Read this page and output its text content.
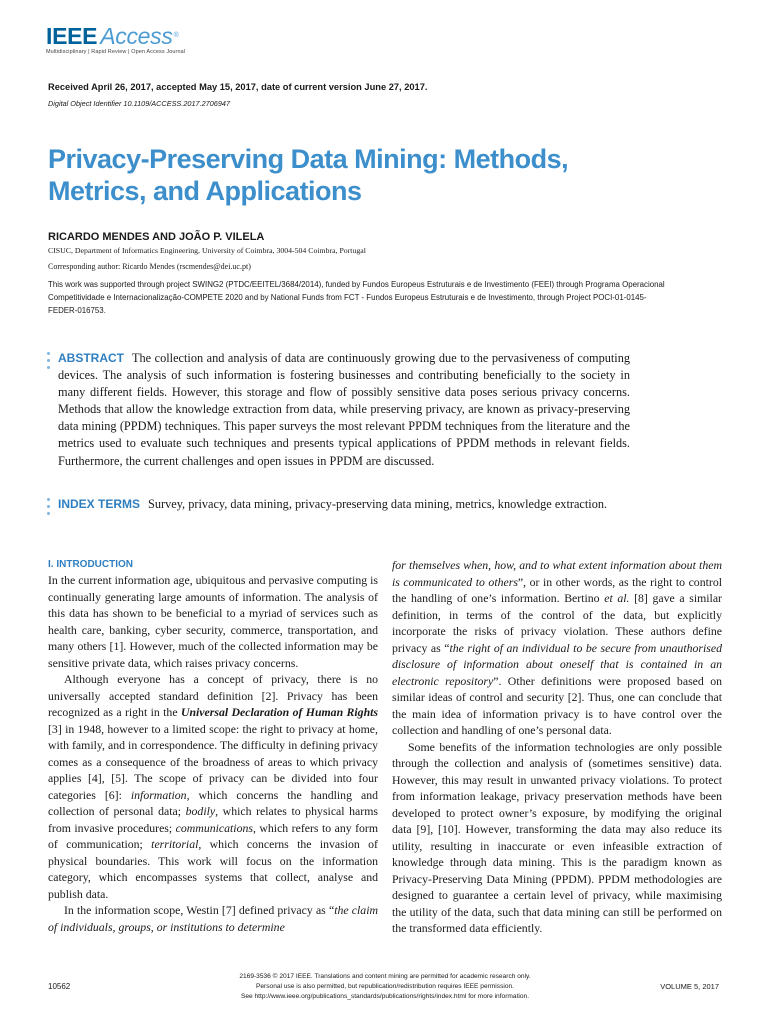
IEEE Access®
Multidisciplinary | Rapid Review | Open Access Journal
Received April 26, 2017, accepted May 15, 2017, date of current version June 27, 2017.
Digital Object Identifier 10.1109/ACCESS.2017.2706947
Privacy-Preserving Data Mining: Methods,
Metrics, and Applications
RICARDO MENDES AND JOÃO P. VILELA
CISUC, Department of Informatics Engineering, University of Coimbra, 3004-504 Coimbra, Portugal
Corresponding author: Ricardo Mendes (rscmendes@dei.uc.pt)
This work was supported through project SWING2 (PTDC/EEITEL/3684/2014), funded by Fundos Europeus Estruturais e de Investimento (FEEI) through Programa Operacional Competitividade e Internacionalização-COMPETE 2020 and by National Funds from FCT - Fundos Europeus Estruturais e de Investimento, through Project POCI-01-0145-FEDER-016753.
ABSTRACT The collection and analysis of data are continuously growing due to the pervasiveness of computing devices. The analysis of such information is fostering businesses and contributing beneficially to the society in many different fields. However, this storage and flow of possibly sensitive data poses serious privacy concerns. Methods that allow the knowledge extraction from data, while preserving privacy, are known as privacy-preserving data mining (PPDM) techniques. This paper surveys the most relevant PPDM techniques from the literature and the metrics used to evaluate such techniques and presents typical applications of PPDM methods in relevant fields. Furthermore, the current challenges and open issues in PPDM are discussed.
INDEX TERMS Survey, privacy, data mining, privacy-preserving data mining, metrics, knowledge extraction.
I. INTRODUCTION

In the current information age, ubiquitous and pervasive computing is continually generating large amounts of information. The analysis of this data has shown to be beneficial to a myriad of services such as health care, banking, cyber security, commerce, transportation, and many others [1]. However, much of the collected information may be sensitive private data, which raises privacy concerns.

Although everyone has a concept of privacy, there is no universally accepted standard definition [2]. Privacy has been recognized as a right in the Universal Declaration of Human Rights [3] in 1948, however to a limited scope: the right to privacy at home, with family, and in correspondence. The difficulty in defining privacy comes as a consequence of the broadness of areas to which privacy applies [4], [5]. The scope of privacy can be divided into four categories [6]: information, which concerns the handling and collection of personal data; bodily, which relates to physical harms from invasive procedures; communications, which refers to any form of communication; territorial, which concerns the invasion of physical boundaries. This work will focus on the information category, which encompasses systems that collect, analyse and publish data.

In the information scope, Westin [7] defined privacy as “the claim of individuals, groups, or institutions to determine

for themselves when, how, and to what extent information about them is communicated to others”, or in other words, as the right to control the handling of one’s information. Bertino et al. [8] gave a similar definition, in terms of the control of the data, but explicitly incorporate the risks of privacy violation. These authors define privacy as “the right of an individual to be secure from unauthorised disclosure of information about oneself that is contained in an electronic repository”. Other definitions were proposed based on similar ideas of control and security [2]. Thus, one can conclude that the main idea of information privacy is to have control over the collection and handling of one’s personal data.

Some benefits of the information technologies are only possible through the collection and analysis of (sometimes sensitive) data. However, this may result in unwanted privacy violations. To protect from information leakage, privacy preservation methods have been developed to protect owner’s exposure, by modifying the original data [9], [10]. However, transforming the data may also reduce its utility, resulting in inaccurate or even infeasible extraction of knowledge through data mining. This is the paradigm known as Privacy-Preserving Data Mining (PPDM). PPDM methodologies are designed to guarantee a certain level of privacy, while maximising the utility of the data, such that data mining can still be performed on the transformed data efficiently.

10562
2169-3536 © 2017 IEEE. Translations and content mining are permitted for academic research only.
Personal use is also permitted, but republication/redistribution requires IEEE permission.
See http://www.ieee.org/publications_standards/publications/rights/index.html for more information.
VOLUME 5, 2017
